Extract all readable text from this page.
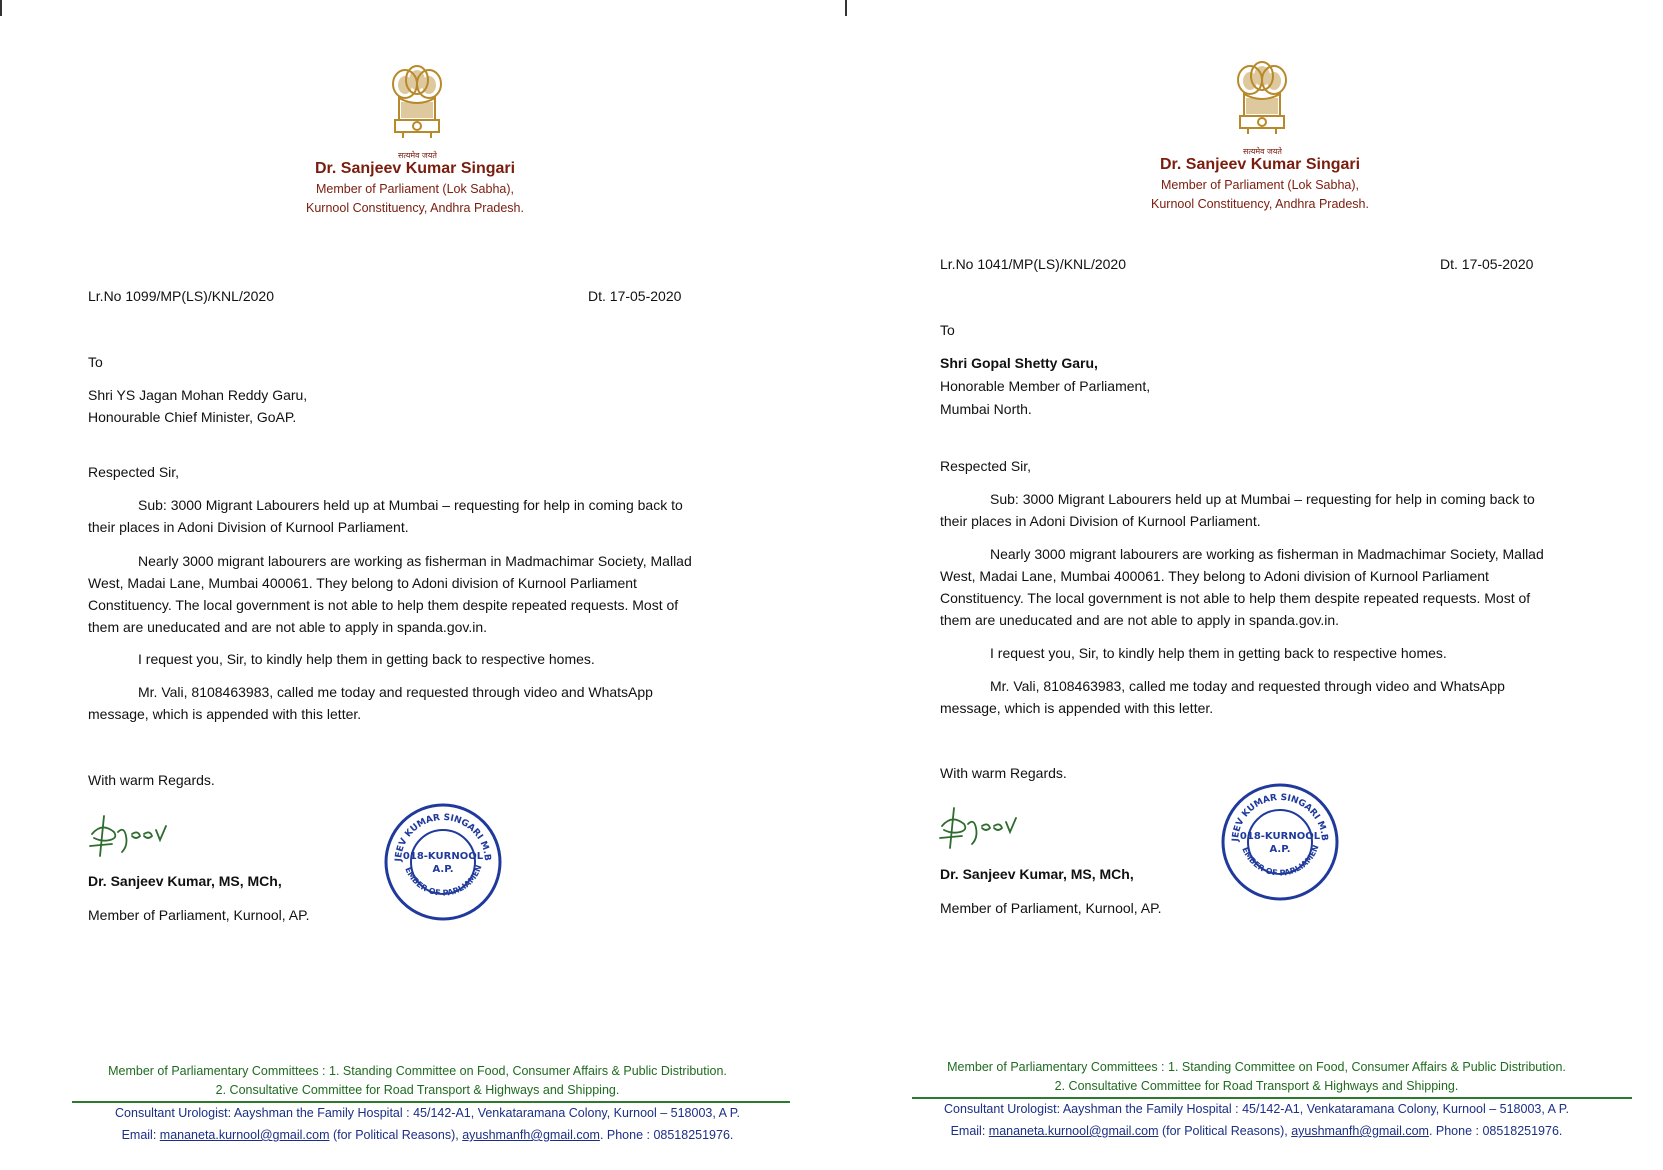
सत्यमेव जयते
Dr. Sanjeev Kumar Singari
Member of Parliament (Lok Sabha),
Kurnool Constituency, Andhra Pradesh.
Lr.No 1099/MP(LS)/KNL/2020	Dt. 17-05-2020
To
Shri YS Jagan Mohan Reddy Garu,
Honourable Chief Minister, GoAP.
Respected Sir,
Sub: 3000 Migrant Labourers held up at Mumbai – requesting for help in coming back to their places in Adoni Division of Kurnool Parliament.
Nearly 3000 migrant labourers are working as fisherman in Madmachimar Society, Mallad West, Madai Lane, Mumbai 400061. They belong to Adoni division of Kurnool Parliament Constituency. The local government is not able to help them despite repeated requests. Most of them are uneducated and are not able to apply in spanda.gov.in.
I request you, Sir, to kindly help them in getting back to respective homes.
Mr. Vali, 8108463983, called me today and requested through video and WhatsApp message, which is appended with this letter.
With warm Regards.
JEEV KUMAR SINGARI M.B
EMBER OF PARLIAMEN
018-KURNOOL
A.P.
Dr. Sanjeev Kumar, MS, MCh,
Member of Parliament, Kurnool, AP.
Member of Parliamentary Committees : 1. Standing Committee on Food, Consumer Affairs & Public Distribution.
2. Consultative Committee for Road Transport & Highways and Shipping.
Consultant Urologist: Aayshman the Family Hospital : 45/142-A1, Venkataramana Colony, Kurnool – 518003, A P.
Email: mananeta.kurnool@gmail.com (for Political Reasons), ayushmanfh@gmail.com. Phone : 08518251976.
सत्यमेव जयते
Dr. Sanjeev Kumar Singari
Member of Parliament (Lok Sabha),
Kurnool Constituency, Andhra Pradesh.
Lr.No 1041/MP(LS)/KNL/2020	Dt. 17-05-2020
To
Shri Gopal Shetty Garu,
Honorable Member of Parliament,
Mumbai North.
Respected Sir,
Sub: 3000 Migrant Labourers held up at Mumbai – requesting for help in coming back to their places in Adoni Division of Kurnool Parliament.
Nearly 3000 migrant labourers are working as fisherman in Madmachimar Society, Mallad West, Madai Lane, Mumbai 400061. They belong to Adoni division of Kurnool Parliament Constituency. The local government is not able to help them despite repeated requests. Most of them are uneducated and are not able to apply in spanda.gov.in.
I request you, Sir, to kindly help them in getting back to respective homes.
Mr. Vali, 8108463983, called me today and requested through video and WhatsApp message, which is appended with this letter.
With warm Regards.
JEEV KUMAR SINGARI M.B
EMBER OF PARLIAMEN
018-KURNOOL
A.P.
Dr. Sanjeev Kumar, MS, MCh,
Member of Parliament, Kurnool, AP.
Member of Parliamentary Committees : 1. Standing Committee on Food, Consumer Affairs & Public Distribution.
2. Consultative Committee for Road Transport & Highways and Shipping.
Consultant Urologist: Aayshman the Family Hospital : 45/142-A1, Venkataramana Colony, Kurnool – 518003, A P.
Email: mananeta.kurnool@gmail.com (for Political Reasons), ayushmanfh@gmail.com. Phone : 08518251976.
